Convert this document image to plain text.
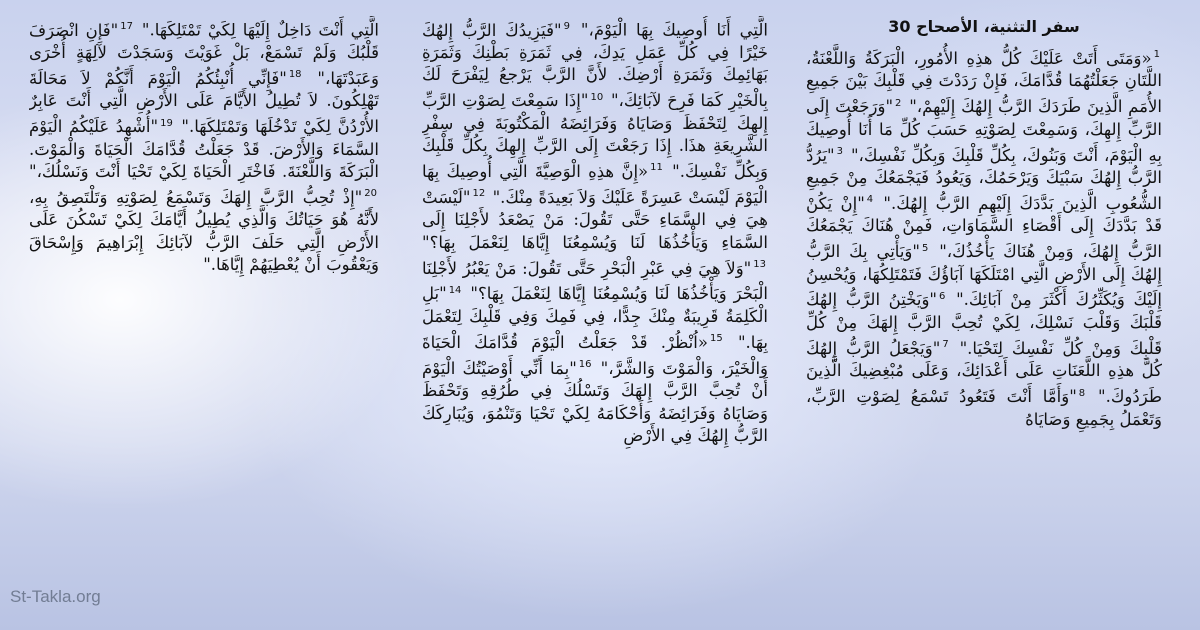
سفر التثنية، الأصحاح 30
$^1$«وَمَتَى أَتَتْ عَلَيْكَ كُلُّ هذِهِ الأُمُورِ، الْبَرَكَةُ وَاللَّعْنَةُ، اللَّتَانِ جَعَلْتُهُمَا قُدَّامَكَ، فَإِنْ رَدَدْتَ فِي قَلْبِكَ بَيْنَ جَمِيعِ الأُمَمِ الَّذِينَ طَرَدَكَ الرَّبُّ إِلهُكَ إِلَيْهِمْ،" $^2$"وَرَجَعْتَ إِلَى الرَّبِّ إِلهِكَ، وَسَمِعْتَ لِصَوْتِهِ حَسَبَ كُلِّ مَا أَنَا أُوصِيكَ بِهِ الْيَوْمَ، أَنْتَ وَبَنُوكَ، بِكُلِّ قَلْبِكَ وَبِكُلِّ نَفْسِكَ،" $^3$"يَرُدُّ الرَّبُّ إِلهُكَ سَبْيَكَ وَيَرْحَمُكَ، وَيَعُودُ فَيَجْمَعُكَ مِنْ جَمِيعِ الشُّعُوبِ الَّذِينَ بَدَّدَكَ إِلَيْهِمِ الرَّبُّ إِلهُكَ." $^4$"إِنْ يَكُنْ قَدْ بَدَّدَكَ إِلَى أَقْصَاءِ السَّمَاوَاتِ، فَمِنْ هُنَاكَ يَجْمَعُكَ الرَّبُّ إِلهُكَ، وَمِنْ هُنَاكَ يَأْخُذُكَ،" $^5$"وَيَأْتِي بِكَ الرَّبُّ إِلهُكَ إِلَى الأَرْضِ الَّتِي امْتَلَكَهَا آبَاؤُكَ فَتَمْتَلِكُهَا، وَيُحْسِنُ إِلَيْكَ وَيُكَثِّرُكَ أَكْثَرَ مِنْ آبَائِكَ." $^6$"وَيَخْتِنُ الرَّبُّ إِلهُكَ قَلْبَكَ وَقَلْبَ نَسْلِكَ، لِكَيْ تُحِبَّ الرَّبَّ إِلهَكَ مِنْ كُلِّ قَلْبِكَ وَمِنْ كُلِّ نَفْسِكَ لِتَحْيَا." $^7$"وَيَجْعَلُ الرَّبُّ إِلهُكَ كُلَّ هذِهِ اللَّعَنَاتِ عَلَى أَعْدَائِكَ، وَعَلَى مُبْغِضِيكَ الَّذِينَ طَرَدُوكَ." $^8$"وَأَمَّا أَنْتَ فَتَعُودُ تَسْمَعُ لِصَوْتِ الرَّبِّ، وَتَعْمَلُ بِجَمِيعِ وَصَايَاهُ
الَّتِي أَنَا أُوصِيكَ بِهَا الْيَوْمَ،" $^9$"فَيَزِيدُكَ الرَّبُّ إِلهُكَ خَيْرًا فِي كُلِّ عَمَلِ يَدِكَ، فِي ثَمَرَةِ بَطْنِكَ وَثَمَرَةِ بَهَائِمِكَ وَثَمَرَةِ أَرْضِكَ. لأَنَّ الرَّبَّ يَرْجعُ لِيَفْرَحَ لَكَ بِالْخَيْرِ كَمَا فَرِحَ لآبَائِكَ،" $^{10}$"إِذَا سَمِعْتَ لِصَوْتِ الرَّبِّ إِلهِكَ لِتَحْفَظَ وَصَايَاهُ وَفَرَائِضَهُ الْمَكْتُوبَةَ فِي سِفْرِ الشَّرِيعَةِ هذَا. إِذَا رَجَعْتَ إِلَى الرَّبِّ إِلهِكَ بِكُلِّ قَلْبِكَ وَبِكُلِّ نَفْسِكَ." $^{11}$«إِنَّ هذِهِ الْوَصِيَّةَ الَّتِي أُوصِيكَ بِهَا الْيَوْمَ لَيْسَتْ عَسِرَةً عَلَيْكَ وَلاَ بَعِيدَةً مِنْكَ." $^{12}$"لَيْسَتْ هِيَ فِي السَّمَاءِ حَتَّى تَقُولَ: مَنْ يَصْعَدُ لأَجْلِنَا إِلَى السَّمَاءِ وَيَأْخُذُهَا لَنَا وَيُسْمِعُنَا إِيَّاهَا لِنَعْمَلَ بِهَا؟" $^{13}$"وَلاَ هِيَ فِي عَبْرِ الْبَحْرِ حَتَّى تَقُولَ: مَنْ يَعْبُرُ لأَجْلِنَا الْبَحْرَ وَيَأْخُذُهَا لَنَا وَيُسْمِعُنَا إِيَّاهَا لِنَعْمَلَ بِهَا؟" $^{14}$"بَلِ الْكَلِمَةُ قَرِيبَةٌ مِنْكَ جِدًّا، فِي فَمِكَ وَفِي قَلْبِكَ لِتَعْمَلَ بِهَا." $^{15}$«اُنْظُرْ. قَدْ جَعَلْتُ الْيَوْمَ قُدَّامَكَ الْحَيَاةَ وَالْخَيْرَ، وَالْمَوْتَ وَالشَّرَّ،" $^{16}$"بِمَا أَنِّي أَوْصَيْتُكَ الْيَوْمَ أَنْ تُحِبَّ الرَّبَّ إِلهَكَ وَتَسْلُكَ فِي طُرُقِهِ وَتَحْفَظَ وَصَايَاهُ وَفَرَائِضَهُ وَأَحْكَامَهُ لِكَيْ تَحْيَا وَتَنْمُوَ، وَيُبَارِكَكَ الرَّبُّ إِلهُكَ فِي الأَرْضِ
الَّتِي أَنْتَ دَاخِلٌ إِلَيْهَا لِكَيْ تَمْتَلِكَهَا." $^{17}$"فَإِنِ انْصَرَفَ قَلْبُكَ وَلَمْ تَسْمَعْ، بَلْ غَوَيْتَ وَسَجَدْتَ لآلِهَةٍ أُخْرَى وَعَبَدْتَهَا،" $^{18}$"فَإِنِّي أُنْبِئُكُمُ الْيَوْمَ أَنَّكُمْ لاَ مَحَالَةَ تَهْلِكُونَ. لاَ تُطِيلُ الأَيَّامَ عَلَى الأَرْضِ الَّتِي أَنْتَ عَابِرٌ الأُرْدُنَّ لِكَيْ تَدْخُلَهَا وَتَمْتَلِكَهَا." $^{19}$"أُشْهِدُ عَلَيْكُمُ الْيَوْمَ السَّمَاءَ وَالأَرْضَ. قَدْ جَعَلْتُ قُدَّامَكَ الْحَيَاةَ وَالْمَوْتَ. الْبَرَكَةَ وَاللَّعْنَةَ. فَاخْتَرِ الْحَيَاةَ لِكَيْ تَحْيَا أَنْتَ وَنَسْلُكَ،" $^{20}$"إِذْ تُحِبُّ الرَّبَّ إِلهَكَ وَتَسْمَعُ لِصَوْتِهِ وَتَلْتَصِقُ بِهِ، لأَنَّهُ هُوَ حَيَاتُكَ وَالَّذِي يُطِيلُ أَيَّامَكَ لِكَيْ تَسْكُنَ عَلَى الأَرْضِ الَّتِي حَلَفَ الرَّبُّ لآبَائِكَ إِبْرَاهِيمَ وَإِسْحَاقَ وَيَعْقُوبَ أَنْ يُعْطِيَهُمْ إِيَّاهَا."
St-Takla.org
